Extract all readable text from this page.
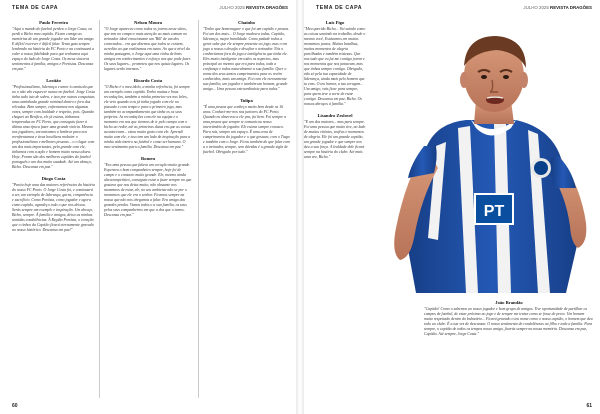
TEMA DE CAPA	JULHO 2025 REVISTA DRAGÕES
Paulo Ferreira

"Aqui o mundo do futebol perdeu o Jorge Costa, eu perdi o Bicho meu capitão. Ficam comigo as memórias de um grande jogador um líder um amigo. E difícil escrever é difícil falar. Tenta gata sempre lembrado na história do FC Porto e na continuará a valer a nossa fidelidade para que tenhamos aqui espaço do lado do Jorge Costa. Os meus sinceros sentimentos à família, amigos e Portistas. Descansa em paz."

Lostião

"Profissionalismo, liderança e amor à camisola que ao o não vão esquecer nunca no futebol. Jorge Costa tinha tudo isto de sobra, e isso por outras conquistas uma caminhada grande nominal dentro e fora das relvadas. Bem sempre, enfrentamos-nos algumas vezes, sempre com lealdade e respeito, pois. Quando cheguei ao Benfica, ele já estava, tínhamos temporadas no FC Porto, que conseguiu fazer à última uma época fazer uma grande vitória. Mesmo nos jogadores, encontramos a lembrar para nos reenfrentamos e tivas hostiliens mobuirr o profissionalismo e melhores pessoas... o o lugar com um dos mais importantes, pela grande com ele, tínhamos com a ação e homem muito nessa altura. Hoje, Foram são dos melhores capitães do futebol português e um dos muito saudade. Até um abraço, Bicho. Descansa em paz."

Diogo Costa

"Partiu hoje uma das maiores referências da história do nosso FC Porto. O Jorge Costa foi, e continuará a ser, um exemplo de liderança, garra, competência e sacrifício. Como Portista, como jogador e agora como capitão, agradeço todo o que nos deixou. Serás sempre um exemplo e inspiração. Um abraço, Bicho, sempre. À família e amigos, deixo as minhas sentidas condolências. À Região Portista, o coração que o tinhos da Capitão ficará eternamente gravado no nosso histórico. Descansa em paz!"

Nelson Moura

"O Jorge apareceu como todos os jovens neste sítios, que tem no campo e mais atenção ao mais comum no treinador ideal emocionante um 'Bill' de um dos conectados... em que dizemos que todos se contem, acredito ao que realizamos em tanto. Ao que a nível da minha passagem, o Jorge aqui uma vinha de bons amigos em conhecimentos e esforço nos que pode fazer. Os seus lugares... prometeu que nos quisia lugares. Os lugares serão imensos."

Ricardo Costa

"O Bicho é o meu ídolo, a minha referência, foi sempre um exemplo como capitão. Tenho muitas e boas recordações, também a minha primeira vez nos leões, ele veio quando a eu já tinha jogado com ele no passado e com tempo e para o primeiro jogo, mas também no acompanhamento que tinha os os seus próprios. As recordações com ele na equipa e o momento em nos que tivemos de ir pelo campo com o bicho ao redor, até as primeiras datas em que as coisas aconteceram... estou muito grato com ele. Aprendi muito com ele, e isso tem um lado de inspiração para a minha vida inteira no futebol e como ser humano. O meu sentimento para a família. Descansa em paz."

Romeu

"Era uma pessoa que falava um coração muito grande. Esperava o bom companheiro sempre, hoje foi de campo e o contacto muito grande. Ele, mesmo ainda ultracompetitivo, conseguia estar a fazer sempre no que gostava que nos deixa muito, não obstante nos momentos de estar, ele, no seu ambiente não se por o momentos que ele era o senhor. Ficamos sempre na nossa que não nos chegamos a falar. Era amigo das grandes perdas. Vamos todos o a sua família, os seus pelos seus companheiros em que a dos que o temos. Descansa em paz."

Chaínho

"Tenho que homenagear o que foi um capitão e pessoa. Foi um dos mais... O Jorge mudou-a todas. Capitão, liderança, major humildade. Como pedade todos a gente sabe que ele sempre presente ao jogo, mas o em jogo a nossa o desafio e desafiar o treinador. Nós o conhecíamos fora do jogo a inteligência que tinha ele. Eles muito inteligente em todos os aspectos, mas principal ao mesmo que era para todos, toda a confiança e todos naturalmente a sua família. Quer o nome dos seus tantos cumprimentos para os recém conhecidos, mais um amigo. Foi com ele eternamente sua família, um jogador e também um homem, grande amigo... Uma pessoa extraordinária para todos."

Tulipa

"É uma pessoa que conheço muito bem desde os 16 anos. Conheci-me-nos nos juniores do FC Porto. Quando eu observou a ele pra, fui bem. Foi sempre a uma pessoa que sempre te comunicou nosso intercâmbio de jogador. Ele estava sempre conosco. Para nós, sempre um espaço. É uma cena de cumprimentos do jogador e o que gostava, com o Tiago e também com o Jorge. Ficou também do que falar com a o treinador, sempre, sem dúvidas é a grande sigla de futebol. Obrigado por tudo."

60
TEMA DE CAPA	JULHO 2025 REVISTA DRAGÕES
Luís Figo

"Meu querido Bicho... Vai saindo como as coisas sentindo na trabalho, desde o mesmo você, Estávamos em muitos momentos juntos. Muitas batalhas, muitos momentos de alegria partilhadas e também tristezas. Que nos tudo que eu fui me contigo jovem e nos momentos que nos juntavam, mas que tinhas sempre contigo. Obrigado, não só pela tua capacidade de liderança, ainda mais pelo homem que tu eras. O teu humor, a tua coragem... Um amigo, vais ficar para sempre, para quem teve a sorte de estar contigo. Descansa em paz, Bicho. Os nossos abraços à família."

Lisandro Zeslovel

"E um dos maiores... mas para sempre. Foi uma pessoa que muito tive, ao lado de muitas vitórias, troféus e momentos de alegria. Ele foi um grande capitão, um grande jogador e que sempre nos deu a sua força. A lealdade dele ficará sempre na história do clube. Até mais uma vez, Bicho."

PT
João Brandão

"Capitão! Como o sabemos ao nosso jogador e bom grupo de amigos. Tive oportunidade de partilhar os campos de futebol, de estar próximo ao jogo e de sempre me tratar como se fosse de perto. Um homem muito respeitado dentro do balneário... Ficará gravado o teu nome como o nosso capitão, o homem que deu todo ao clube. É a tua vez de descansar. O nosso sentimento de condolências ao filho e toda a família. Para sempre, o capitão de todos os tempos nosso amigo, ficarás sempre na nossa memória. Descansa em paz, Capitão. Até sempre, Jorge Costa."

61
